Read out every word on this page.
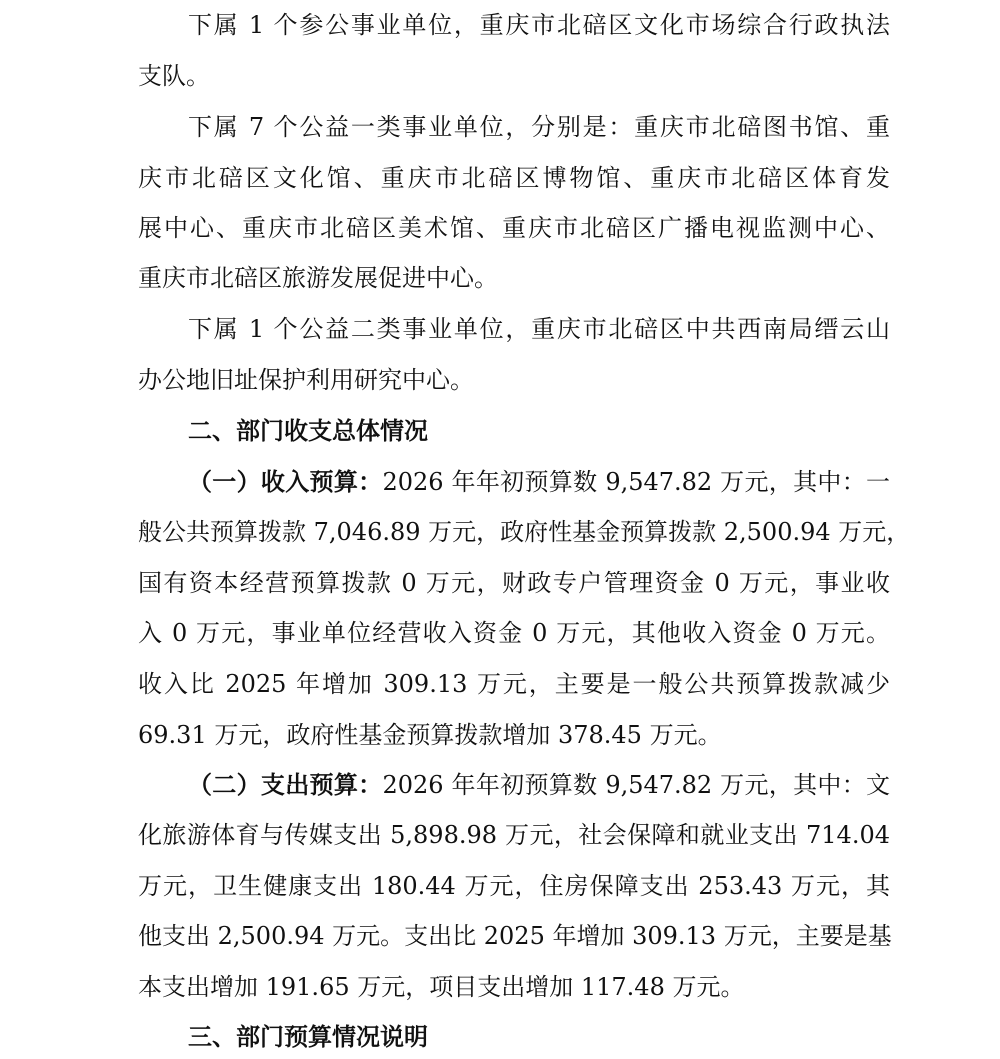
下属 1 个参公事业单位，重庆市北碚区文化市场综合行政执法
支队。
下属 7 个公益一类事业单位，分别是：重庆市北碚图书馆、重
庆市北碚区文化馆、重庆市北碚区博物馆、重庆市北碚区体育发
展中心、重庆市北碚区美术馆、重庆市北碚区广播电视监测中心、
重庆市北碚区旅游发展促进中心。
下属 1 个公益二类事业单位，重庆市北碚区中共西南局缙云山
办公地旧址保护利用研究中心。
二、部门收支总体情况
（一）收入预算：2026 年年初预算数 9,547.82 万元，其中：一
般公共预算拨款 7,046.89 万元，政府性基金预算拨款 2,500.94 万元，
国有资本经营预算拨款 0 万元，财政专户管理资金 0 万元，事业收
入 0 万元，事业单位经营收入资金 0 万元，其他收入资金 0 万元。
收入比 2025 年增加 309.13 万元，主要是一般公共预算拨款减少
69.31 万元，政府性基金预算拨款增加 378.45 万元。
（二）支出预算：2026 年年初预算数 9,547.82 万元，其中：文
化旅游体育与传媒支出 5,898.98 万元，社会保障和就业支出 714.04
万元，卫生健康支出 180.44 万元，住房保障支出 253.43 万元，其
他支出 2,500.94 万元。支出比 2025 年增加 309.13 万元，主要是基
本支出增加 191.65 万元，项目支出增加 117.48 万元。
三、部门预算情况说明
